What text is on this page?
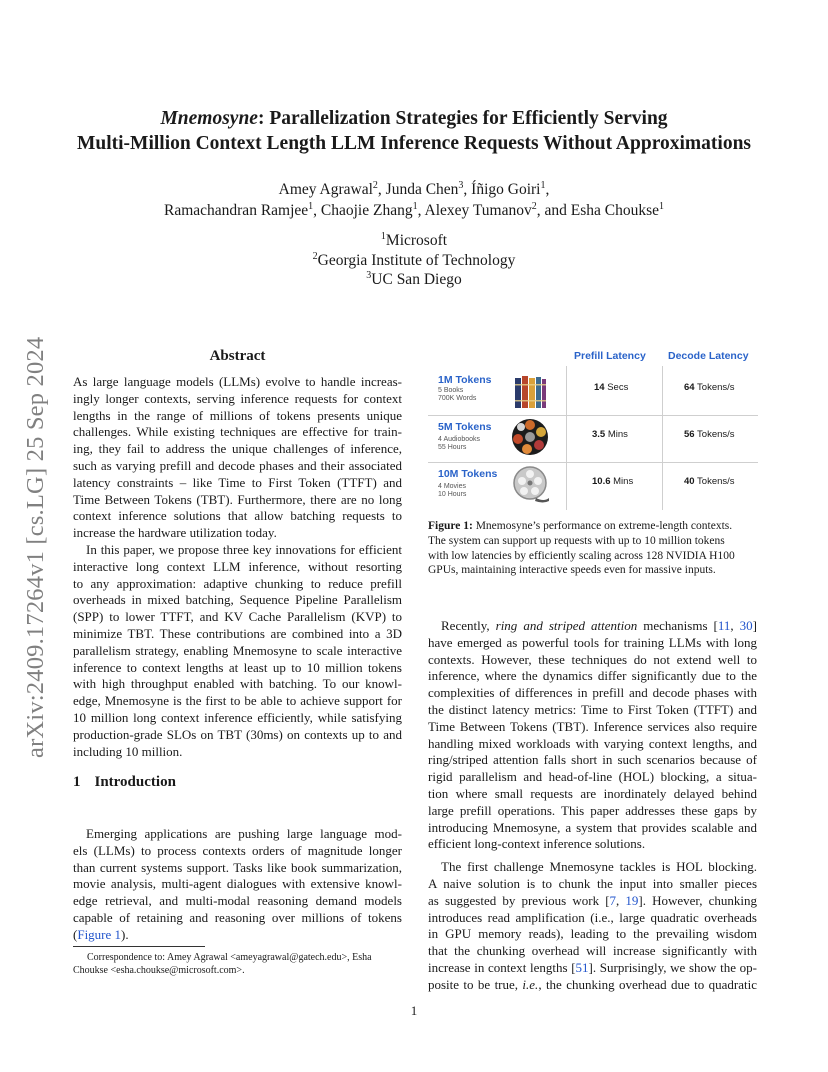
arXiv:2409.17264v1 [cs.LG] 25 Sep 2024
Mnemosyne: Parallelization Strategies for Efficiently Serving
Multi-Million Context Length LLM Inference Requests Without Approximations
Amey Agrawal$^2$, Junda Chen$^3$, Íñigo Goiri$^1$,
Ramachandran Ramjee$^1$, Chaojie Zhang$^1$, Alexey Tumanov$^2$, and Esha Choukse$^1$
$^1$Microsoft
$^2$Georgia Institute of Technology
$^3$UC San Diego
Abstract

As large language models (LLMs) evolve to handle increas-
ingly longer contexts, serving inference requests for context
lengths in the range of millions of tokens presents unique
challenges. While existing techniques are effective for train-
ing, they fail to address the unique challenges of inference,
such as varying prefill and decode phases and their associated
latency constraints – like Time to First Token (TTFT) and
Time Between Tokens (TBT). Furthermore, there are no long
context inference solutions that allow batching requests to
increase the hardware utilization today.

In this paper, we propose three key innovations for efficient
interactive long context LLM inference, without resorting
to any approximation: adaptive chunking to reduce prefill
overheads in mixed batching, Sequence Pipeline Parallelism
(SPP) to lower TTFT, and KV Cache Parallelism (KVP) to
minimize TBT. These contributions are combined into a 3D
parallelism strategy, enabling Mnemosyne to scale interactive
inference to context lengths at least up to 10 million tokens
with high throughput enabled with batching. To our knowl-
edge, Mnemosyne is the first to be able to achieve support for
10 million long context inference efficiently, while satisfying
production-grade SLOs on TBT (30ms) on contexts up to and
including 10 million.

1 Introduction

Emerging applications are pushing large language mod-
els (LLMs) to process contexts orders of magnitude longer
than current systems support. Tasks like book summarization,
movie analysis, multi-agent dialogues with extensive knowl-
edge retrieval, and multi-modal reasoning demand models
capable of retaining and reasoning over millions of tokens

(Figure 1).
Correspondence to: Amey Agrawal <ameyagrawal@gatech.edu>, Esha
Choukse <esha.choukse@microsoft.com>.
Prefill Latency Decode Latency
1M Tokens
5 Books
700K Words
14 Secs	64 Tokens/s
5M Tokens
4 Audiobooks
55 Hours
3.5 Mins	56 Tokens/s
10M Tokens
4 Movies
10 Hours
10.6 Mins	40 Tokens/s
Figure 1: Mnemosyne’s performance on extreme-length contexts.
The system can support up requests with up to 10 million tokens
with low latencies by efficiently scaling across 128 NVIDIA H100
GPUs, maintaining interactive speeds even for massive inputs.
Recently, ring and striped attention mechanisms [11, 30]
have emerged as powerful tools for training LLMs with long
contexts. However, these techniques do not extend well to
inference, where the dynamics differ significantly due to the
complexities of differences in prefill and decode phases with
the distinct latency metrics: Time to First Token (TTFT) and
Time Between Tokens (TBT). Inference services also require
handling mixed workloads with varying context lengths, and
ring/striped attention falls short in such scenarios because of
rigid parallelism and head-of-line (HOL) blocking, a situa-
tion where small requests are inordinately delayed behind
large prefill operations. This paper addresses these gaps by
introducing Mnemosyne, a system that provides scalable and
efficient long-context inference solutions.
The first challenge Mnemosyne tackles is HOL blocking.
A naive solution is to chunk the input into smaller pieces
as suggested by previous work [7, 19]. However, chunking
introduces read amplification (i.e., large quadratic overheads
in GPU memory reads), leading to the prevailing wisdom
that the chunking overhead will increase significantly with
increase in context lengths [51]. Surprisingly, we show the op-
posite to be true, i.e., the chunking overhead due to quadratic
1
